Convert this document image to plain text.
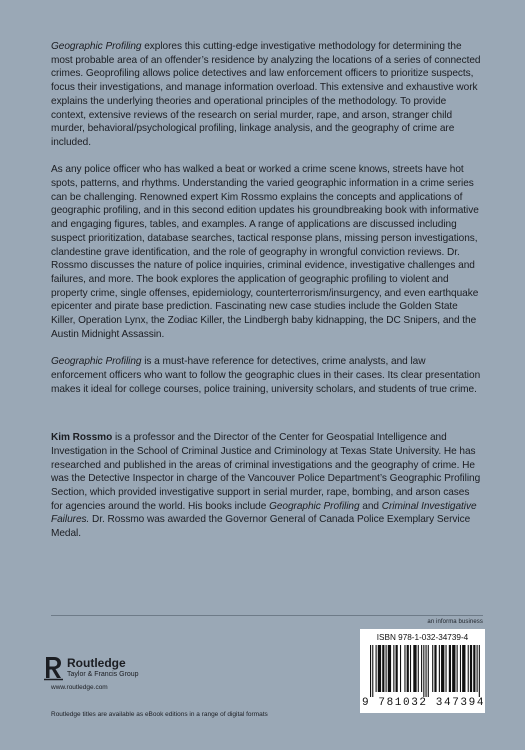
Geographic Profiling explores this cutting-edge investigative methodology for determining the most probable area of an offender’s residence by analyzing the locations of a series of connected crimes. Geoprofiling allows police detectives and law enforcement officers to prioritize suspects, focus their investigations, and manage information overload. This extensive and exhaustive work explains the underlying theories and operational principles of the methodology. To provide context, extensive reviews of the research on serial murder, rape, and arson, stranger child murder, behavioral/psychological profiling, linkage analysis, and the geography of crime are included.

As any police officer who has walked a beat or worked a crime scene knows, streets have hot spots, patterns, and rhythms. Understanding the varied geographic information in a crime series can be challenging. Renowned expert Kim Rossmo explains the concepts and applications of geographic profiling, and in this second edition updates his groundbreaking book with informative and engaging figures, tables, and examples. A range of applications are discussed including suspect prioritization, database searches, tactical response plans, missing person investigations, clandestine grave identification, and the role of geography in wrongful conviction reviews. Dr. Rossmo discusses the nature of police inquiries, criminal evidence, investigative challenges and failures, and more. The book explores the application of geographic profiling to violent and property crime, single offenses, epidemiology, counterterrorism/insurgency, and even earthquake epicenter and pirate base prediction. Fascinating new case studies include the Golden State Killer, Operation Lynx, the Zodiac Killer, the Lindbergh baby kidnapping, the DC Snipers, and the Austin Midnight Assassin.

Geographic Profiling is a must-have reference for detectives, crime analysts, and law enforcement officers who want to follow the geographic clues in their cases. Its clear presentation makes it ideal for college courses, police training, university scholars, and students of true crime.

Kim Rossmo is a professor and the Director of the Center for Geospatial Intelligence and Investigation in the School of Criminal Justice and Criminology at Texas State University. He has researched and published in the areas of criminal investigations and the geography of crime. He was the Detective Inspector in charge of the Vancouver Police Department’s Geographic Profiling Section, which provided investigative support in serial murder, rape, bombing, and arson cases for agencies around the world. His books include Geographic Profiling and Criminal Investigative Failures. Dr. Rossmo was awarded the Governor General of Canada Police Exemplary Service Medal.

an informa business
Routledge
Taylor & Francis Group
www.routledge.com
Routledge titles are available as eBook editions in a range of digital formats
ISBN 978-1-032-34739-4
9 781032 347394
